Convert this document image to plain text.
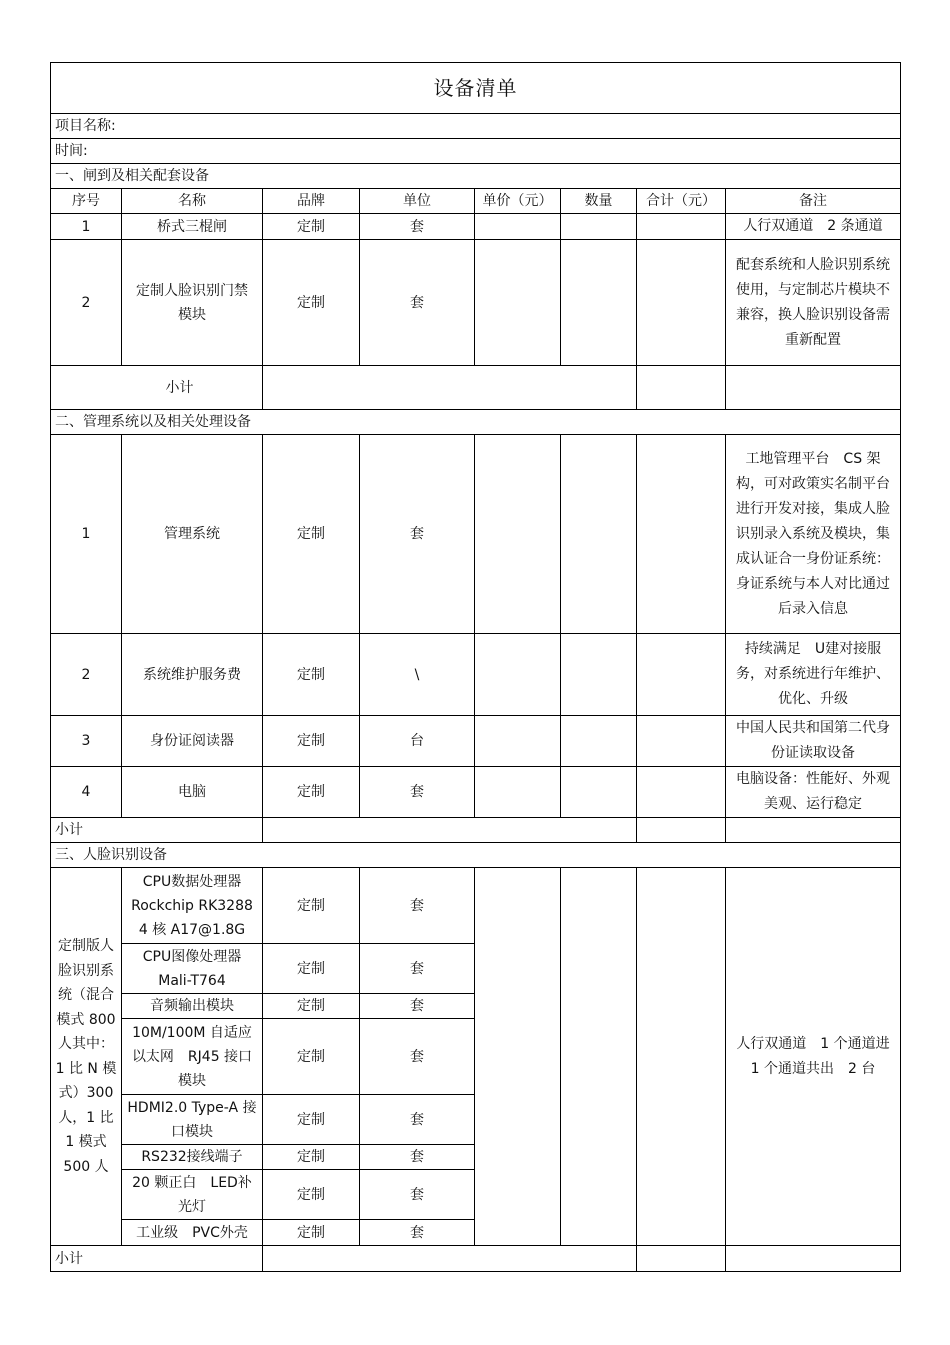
设备清单							
项目名称:							
时间:							
一、闸到及相关配套设备							
序号	名称	品牌	单位	单价（元）	数量	合计（元）	备注
1	桥式三棍闸	定制	套				人行双通道　2 条通道
2	定制人脸识别门禁模块	定制	套				配套系统和人脸识别系统使用，与定制芯片模块不兼容，换人脸识别设备需重新配置
小计							
二、管理系统以及相关处理设备							
1	管理系统	定制	套				工地管理平台　CS 架构，可对政策实名制平台进行开发对接，集成人脸识别录入系统及模块，集成认证合一身份证系统：身证系统与本人对比通过后录入信息
2	系统维护服务费	定制	\				持续满足　U建对接服务，对系统进行年维护、优化、升级
3	身份证阅读器	定制	台				中国人民共和国第二代身份证读取设备
4	电脑	定制	套				电脑设备：性能好、外观美观、运行稳定
小计							
三、人脸识别设备							
定制版人脸识别系统（混合模式 800 人其中：1 比 N 模式）300 人，1 比 1 模式 500 人	CPU数据处理器 Rockchip RK3288 4 核 A17@1.8G	定制	套				人行双通道　1 个通道进 1 个通道共出　2 台
	CPU图像处理器 Mali-T764	定制	套				
	音频输出模块	定制	套				
	10M/100M 自适应以太网　RJ45 接口模块	定制	套				
	HDMI2.0 Type-A 接口模块	定制	套				
	RS232接线端子	定制	套				
	20 颗正白　LED补光灯	定制	套				
	工业级　PVC外壳	定制	套				
小计							
